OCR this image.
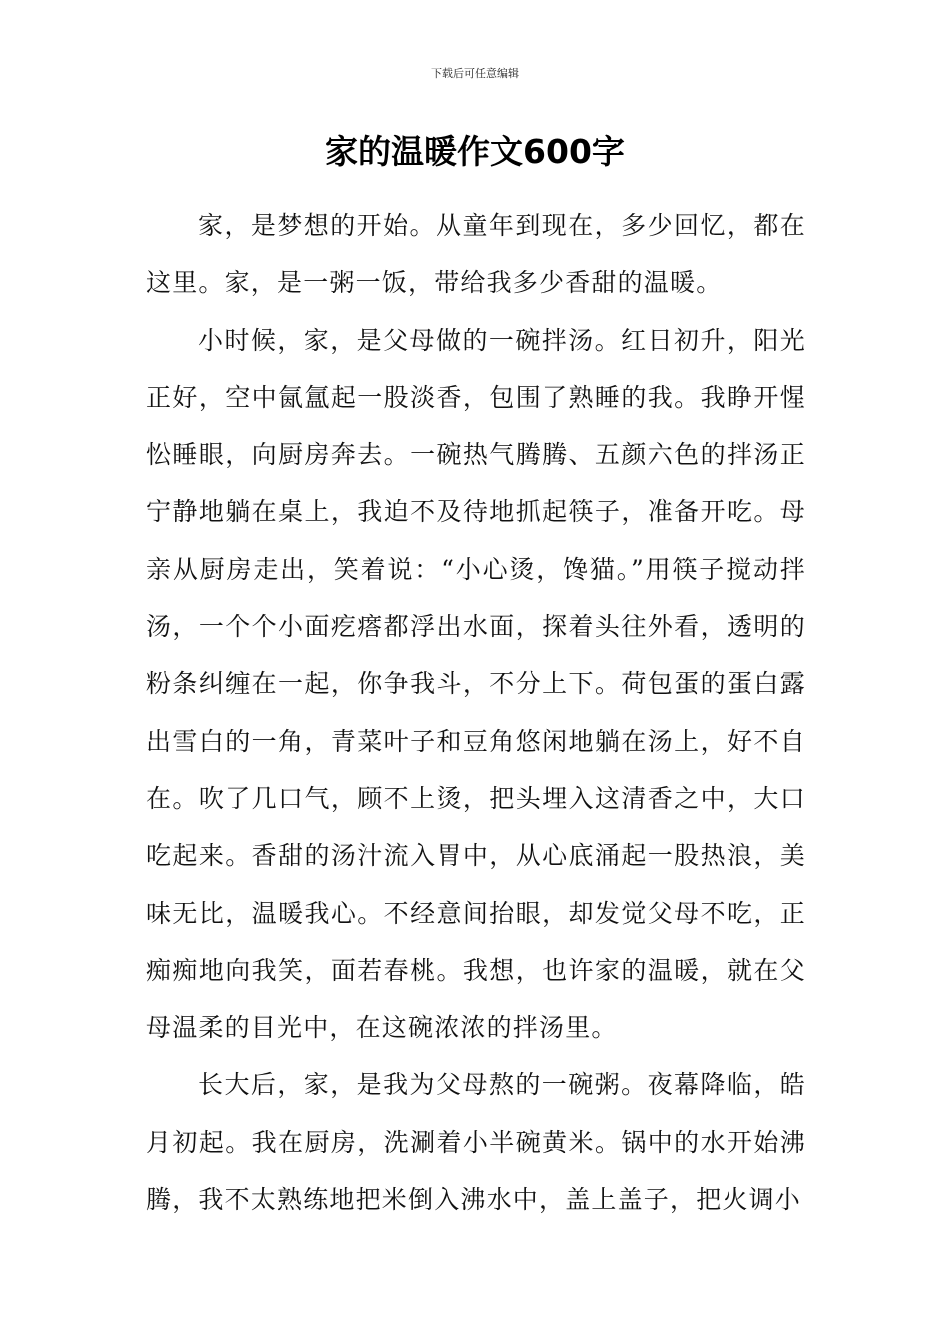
下载后可任意编辑
家的温暖作文600字

家，是梦想的开始。从童年到现在，多少回忆，都在这里。家，是一粥一饭，带给我多少香甜的温暖。

小时候，家，是父母做的一碗拌汤。红日初升，阳光正好，空中氤氲起一股淡香，包围了熟睡的我。我睁开惺忪睡眼，向厨房奔去。一碗热气腾腾、五颜六色的拌汤正宁静地躺在桌上，我迫不及待地抓起筷子，准备开吃。母亲从厨房走出，笑着说：“小心烫，馋猫。”用筷子搅动拌汤，一个个小面疙瘩都浮出水面，探着头往外看，透明的粉条纠缠在一起，你争我斗，不分上下。荷包蛋的蛋白露出雪白的一角，青菜叶子和豆角悠闲地躺在汤上，好不自在。吹了几口气，顾不上烫，把头埋入这清香之中，大口吃起来。香甜的汤汁流入胃中，从心底涌起一股热浪，美味无比，温暖我心。不经意间抬眼，却发觉父母不吃，正痴痴地向我笑，面若春桃。我想，也许家的温暖，就在父母温柔的目光中，在这碗浓浓的拌汤里。

长大后，家，是我为父母熬的一碗粥。夜幕降临，皓月初起。我在厨房，洗涮着小半碗黄米。锅中的水开始沸腾，我不太熟练地把米倒入沸水中，盖上盖子，把火调小
